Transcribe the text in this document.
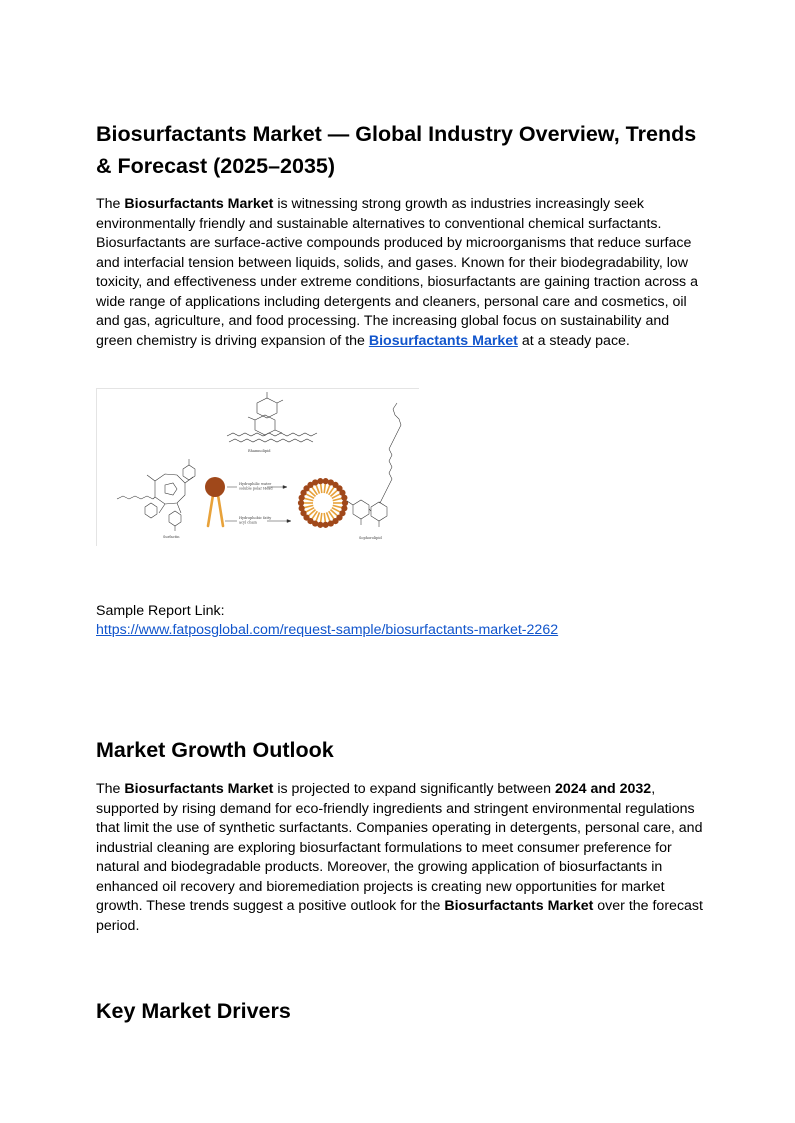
Biosurfactants Market — Global Industry Overview, Trends & Forecast (2025–2035)

The Biosurfactants Market is witnessing strong growth as industries increasingly seek environmentally friendly and sustainable alternatives to conventional chemical surfactants. Biosurfactants are surface-active compounds produced by microorganisms that reduce surface and interfacial tension between liquids, solids, and gases. Known for their biodegradability, low toxicity, and effectiveness under extreme conditions, biosurfactants are gaining traction across a wide range of applications including detergents and cleaners, personal care and cosmetics, oil and gas, agriculture, and food processing. The increasing global focus on sustainability and green chemistry is driving expansion of the Biosurfactants Market at a steady pace.

Rhamnolipid
Surfactin
Hydrophilic water
soluble polar Head
Hydrophobic fatty
acyl chain
Sophorolipid

Sample Report Link:

https://www.fatposglobal.com/request-sample/biosurfactants-market-2262
Market Growth Outlook

The Biosurfactants Market is projected to expand significantly between 2024 and 2032, supported by rising demand for eco-friendly ingredients and stringent environmental regulations that limit the use of synthetic surfactants. Companies operating in detergents, personal care, and industrial cleaning are exploring biosurfactant formulations to meet consumer preference for natural and biodegradable products. Moreover, the growing application of biosurfactants in enhanced oil recovery and bioremediation projects is creating new opportunities for market growth. These trends suggest a positive outlook for the Biosurfactants Market over the forecast period.

Key Market Drivers
